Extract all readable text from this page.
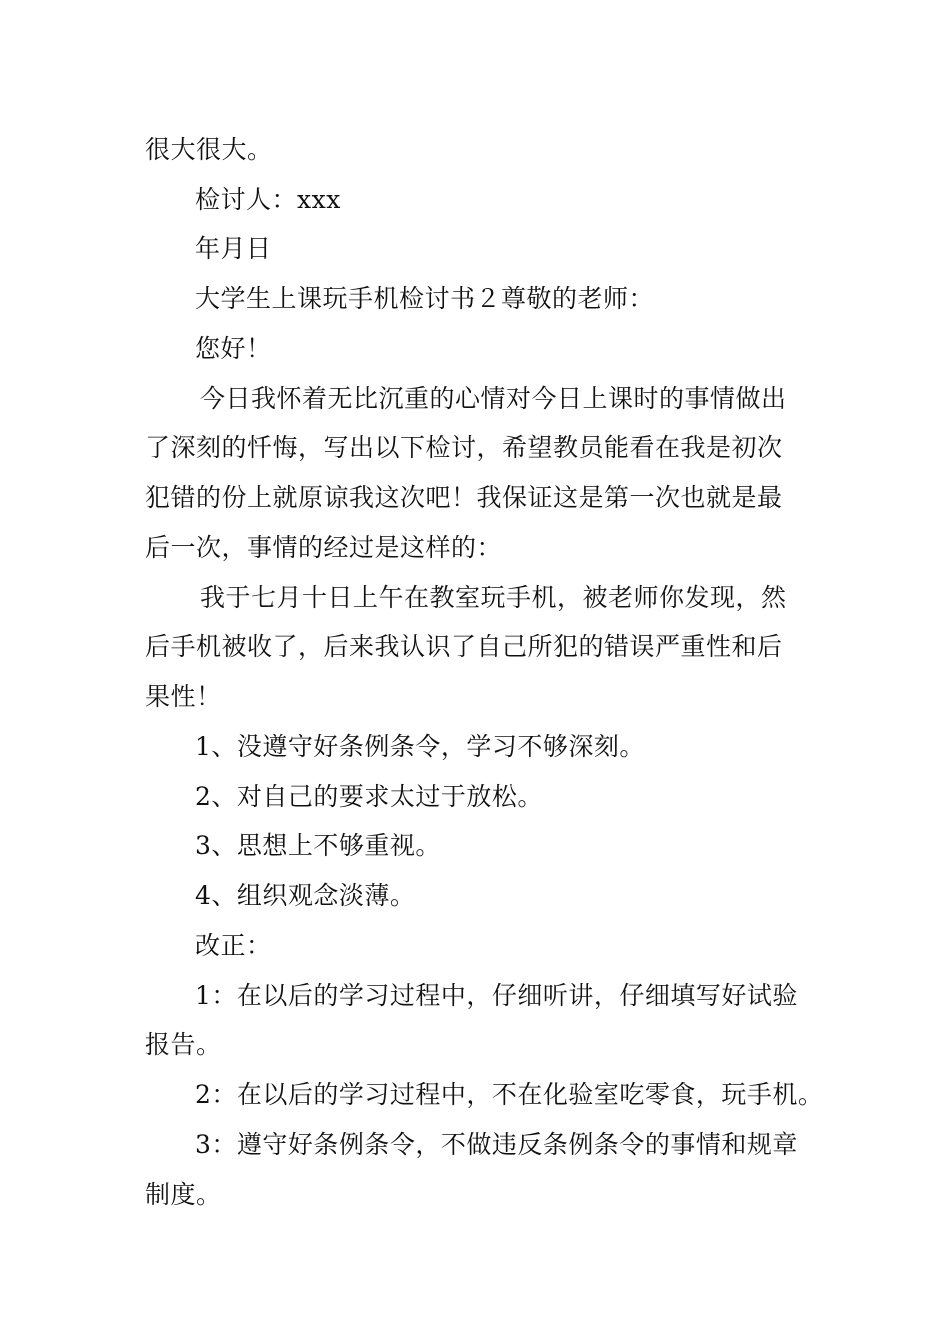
很大很大。
检讨人：xxx
年月日
大学生上课玩手机检讨书２尊敬的老师：
您好！
今日我怀着无比沉重的心情对今日上课时的事情做出
了深刻的忏悔，写出以下检讨，希望教员能看在我是初次
犯错的份上就原谅我这次吧！我保证这是第一次也就是最
后一次，事情的经过是这样的：
我于七月十日上午在教室玩手机，被老师你发现，然
后手机被收了，后来我认识了自己所犯的错误严重性和后
果性！
1、没遵守好条例条令，学习不够深刻。
2、对自己的要求太过于放松。
3、思想上不够重视。
4、组织观念淡薄。
改正：
1：在以后的学习过程中，仔细听讲，仔细填写好试验
报告。
2：在以后的学习过程中，不在化验室吃零食，玩手机。
3：遵守好条例条令，不做违反条例条令的事情和规章
制度。
